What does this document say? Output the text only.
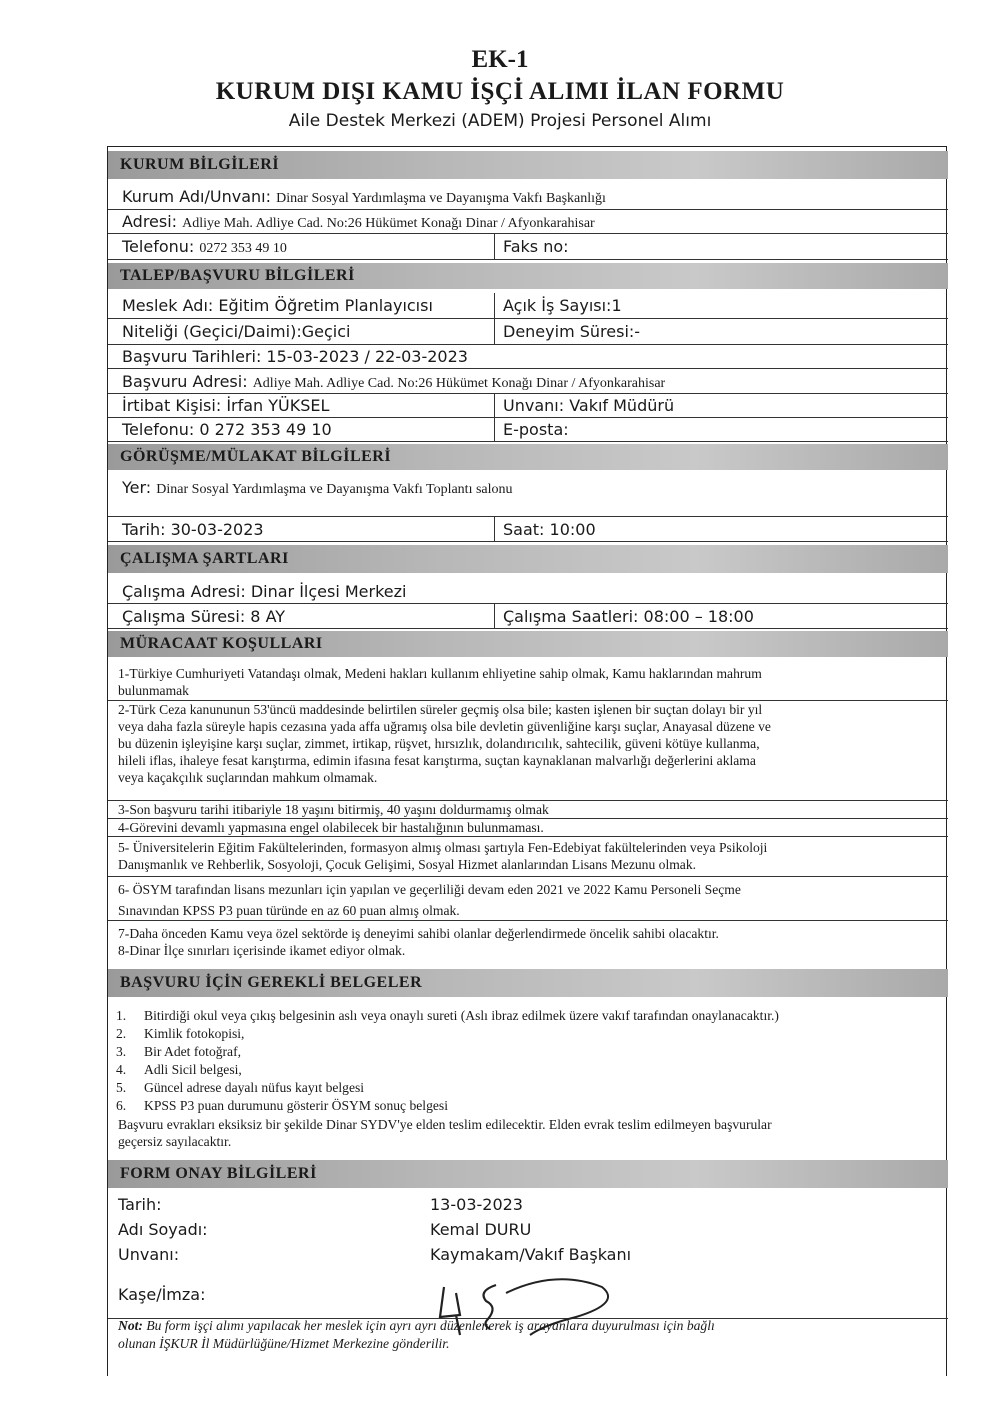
EK-1
KURUM DIŞI KAMU İŞÇİ ALIMI İLAN FORMU
Aile Destek Merkezi (ADEM) Projesi Personel Alımı
KURUM BİLGİLERİ
Kurum Adı/Unvanı: Dinar Sosyal Yardımlaşma ve Dayanışma Vakfı Başkanlığı
Adresi: Adliye Mah. Adliye Cad. No:26 Hükümet Konağı Dinar / Afyonkarahisar
Telefonu: 0272 353 49 10	Faks no:
TALEP/BAŞVURU BİLGİLERİ
Meslek Adı: Eğitim Öğretim Planlayıcısı	Açık İş Sayısı:1
Niteliği (Geçici/Daimi):Geçici	Deneyim Süresi:-
Başvuru Tarihleri: 15-03-2023 / 22-03-2023
Başvuru Adresi: Adliye Mah. Adliye Cad. No:26 Hükümet Konağı Dinar / Afyonkarahisar
İrtibat Kişisi: İrfan YÜKSEL	Unvanı: Vakıf Müdürü
Telefonu: 0 272 353 49 10	E-posta:
GÖRÜŞME/MÜLAKAT BİLGİLERİ
Yer: Dinar Sosyal Yardımlaşma ve Dayanışma Vakfı Toplantı salonu
Tarih: 30-03-2023	Saat: 10:00
ÇALIŞMA ŞARTLARI
Çalışma Adresi: Dinar İlçesi Merkezi
Çalışma Süresi: 8 AY	Çalışma Saatleri: 08:00 – 18:00
MÜRACAAT KOŞULLARI
1-Türkiye Cumhuriyeti Vatandaşı olmak, Medeni hakları kullanım ehliyetine sahip olmak, Kamu haklarından mahrum
bulunmamak
2-Türk Ceza kanununun 53'üncü maddesinde belirtilen süreler geçmiş olsa bile; kasten işlenen bir suçtan dolayı bir yıl
veya daha fazla süreyle hapis cezasına yada affa uğramış olsa bile devletin güvenliğine karşı suçlar, Anayasal düzene ve
bu düzenin işleyişine karşı suçlar, zimmet, irtikap, rüşvet, hırsızlık, dolandırıcılık, sahtecilik, güveni kötüye kullanma,
hileli iflas, ihaleye fesat karıştırma, edimin ifasına fesat karıştırma, suçtan kaynaklanan malvarlığı değerlerini aklama
veya kaçakçılık suçlarından mahkum olmamak.
3-Son başvuru tarihi itibariyle 18 yaşını bitirmiş, 40 yaşını doldurmamış olmak
4-Görevini devamlı yapmasına engel olabilecek bir hastalığının bulunmaması.
5- Üniversitelerin Eğitim Fakültelerinden, formasyon almış olması şartıyla Fen-Edebiyat fakültelerinden veya Psikoloji
Danışmanlık ve Rehberlik, Sosyoloji, Çocuk Gelişimi, Sosyal Hizmet alanlarından Lisans Mezunu olmak.
6- ÖSYM tarafından lisans mezunları için yapılan ve geçerliliği devam eden 2021 ve 2022 Kamu Personeli Seçme
Sınavından KPSS P3 puan türünde en az 60 puan almış olmak.
7-Daha önceden Kamu veya özel sektörde iş deneyimi sahibi olanlar değerlendirmede öncelik sahibi olacaktır.
8-Dinar İlçe sınırları içerisinde ikamet ediyor olmak.
BAŞVURU İÇİN GEREKLİ BELGELER
1. Bitirdiği okul veya çıkış belgesinin aslı veya onaylı sureti (Aslı ibraz edilmek üzere vakıf tarafından onaylanacaktır.)
2. Kimlik fotokopisi,
3. Bir Adet fotoğraf,
4. Adli Sicil belgesi,
5. Güncel adrese dayalı nüfus kayıt belgesi
6. KPSS P3 puan durumunu gösterir ÖSYM sonuç belgesi
Başvuru evrakları eksiksiz bir şekilde Dinar SYDV'ye elden teslim edilecektir. Elden evrak teslim edilmeyen başvurular
geçersiz sayılacaktır.
FORM ONAY BİLGİLERİ
Tarih:	13-03-2023
Adı Soyadı:	Kemal DURU
Unvanı:	Kaymakam/Vakıf Başkanı
Kaşe/İmza:
Not: Bu form işçi alımı yapılacak her meslek için ayrı ayrı düzenlenerek iş arayanlara duyurulması için bağlı
olunan İŞKUR İl Müdürlüğüne/Hizmet Merkezine gönderilir.
